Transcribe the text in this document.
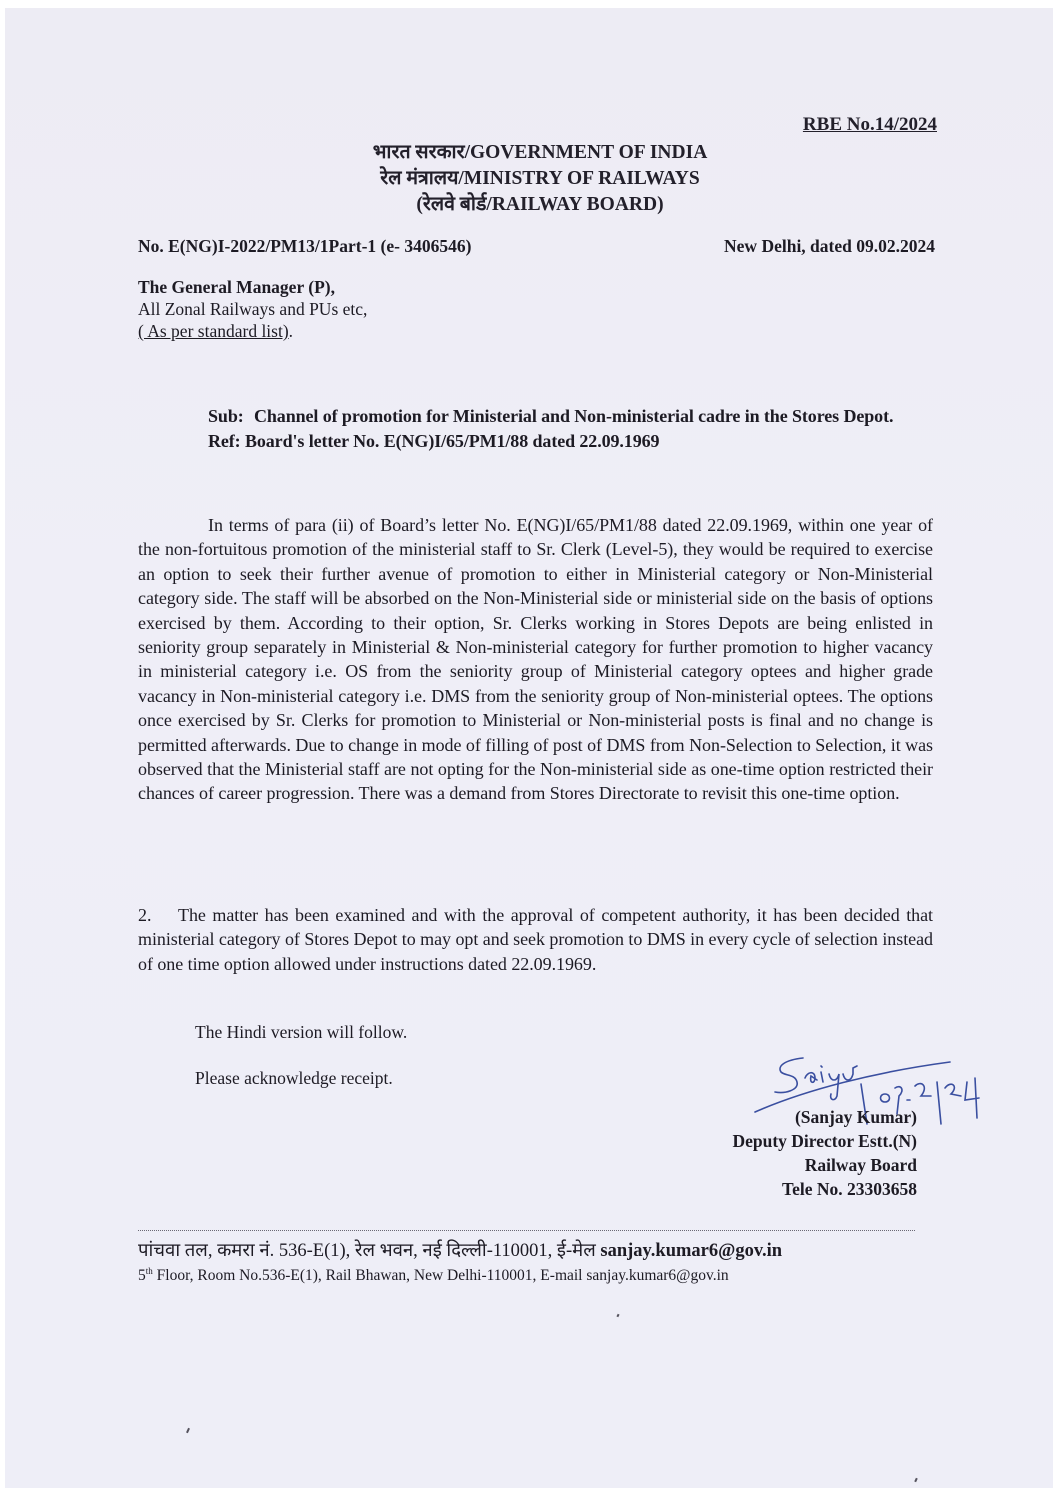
RBE No.14/2024
भारत सरकार/GOVERNMENT OF INDIA
रेल मंत्रालय/MINISTRY OF RAILWAYS
(रेलवे बोर्ड/RAILWAY BOARD)
No. E(NG)I-2022/PM13/1Part-1 (e- 3406546)	New Delhi, dated 09.02.2024
The General Manager (P),
All Zonal Railways and PUs etc,
( As per standard list).
Sub: Channel of promotion for Ministerial and Non-ministerial cadre in the Stores Depot.
Ref: Board's letter No. E(NG)I/65/PM1/88 dated 22.09.1969
In terms of para (ii) of Board’s letter No. E(NG)I/65/PM1/88 dated 22.09.1969, within one year of the non-fortuitous promotion of the ministerial staff to Sr. Clerk (Level-5), they would be required to exercise an option to seek their further avenue of promotion to either in Ministerial category or Non-Ministerial category side. The staff will be absorbed on the Non-Ministerial side or ministerial side on the basis of options exercised by them. According to their option, Sr. Clerks working in Stores Depots are being enlisted in seniority group separately in Ministerial & Non-ministerial category for further promotion to higher vacancy in ministerial category i.e. OS from the seniority group of Ministerial category optees and higher grade vacancy in Non-ministerial category i.e. DMS from the seniority group of Non-ministerial optees. The options once exercised by Sr. Clerks for promotion to Ministerial or Non-ministerial posts is final and no change is permitted afterwards. Due to change in mode of filling of post of DMS from Non-Selection to Selection, it was observed that the Ministerial staff are not opting for the Non-ministerial side as one-time option restricted their chances of career progression. There was a demand from Stores Directorate to revisit this one-time option.
2. The matter has been examined and with the approval of competent authority, it has been decided that ministerial category of Stores Depot to may opt and seek promotion to DMS in every cycle of selection instead of one time option allowed under instructions dated 22.09.1969.
The Hindi version will follow.
Please acknowledge receipt.
(Sanjay Kumar)
Deputy Director Estt.(N)
Railway Board
Tele No. 23303658
पांचवा तल, कमरा नं. 536-E(1), रेल भवन, नई दिल्ली-110001, ई-मेल sanjay.kumar6@gov.in
5th Floor, Room No.536-E(1), Rail Bhawan, New Delhi-110001, E-mail sanjay.kumar6@gov.in
